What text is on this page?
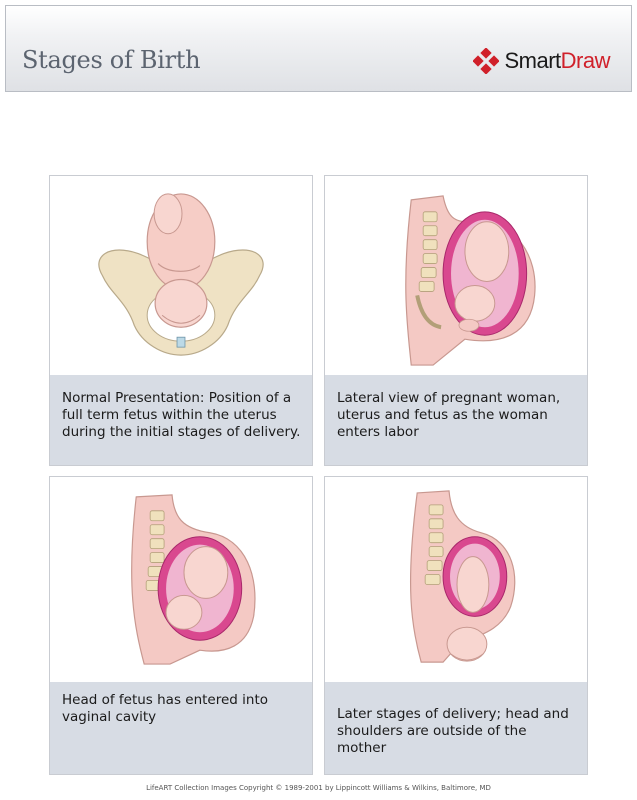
Stages of Birth	SmartDraw
Normal Presentation: Position of a full term fetus within the uterus during the initial stages of delivery.
Lateral view of pregnant woman, uterus and fetus as the woman enters labor
Head of fetus has entered into vaginal cavity	Later stages of delivery; head and shoulders are outside of the mother
LifeART Collection Images Copyright © 1989-2001 by Lippincott Williams & Wilkins, Baltimore, MD
